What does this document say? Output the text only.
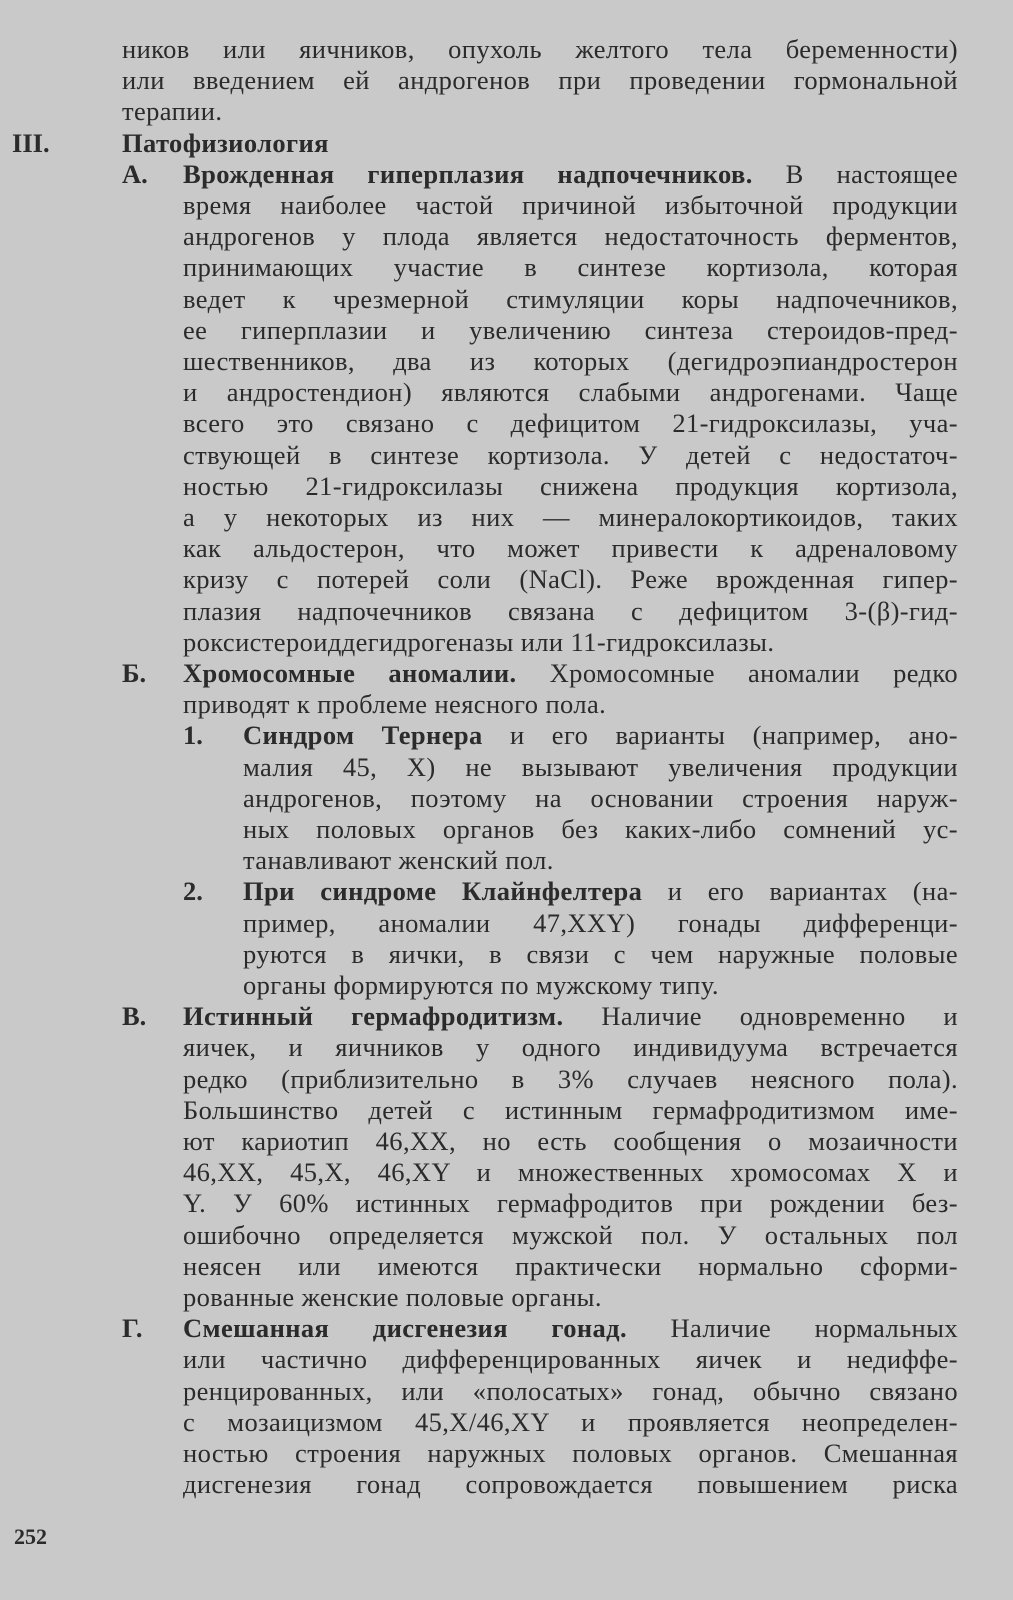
ников или яичников, опухоль желтого тела беременности)
или введением ей андрогенов при проведении гормональной
терапии.
III.	Патофизиология
А. Врожденная гиперплазия надпочечников. В настоящее
время наиболее частой причиной избыточной продукции
андрогенов у плода является недостаточность ферментов,
принимающих участие в синтезе кортизола, которая
ведет к чрезмерной стимуляции коры надпочечников,
ее гиперплазии и увеличению синтеза стероидов-пред-
шественников, два из которых (дегидроэпиандростерон
и андростендион) являются слабыми андрогенами. Чаще
всего это связано с дефицитом 21-гидроксилазы, уча-
ствующей в синтезе кортизола. У детей с недостаточ-
ностью 21-гидроксилазы снижена продукция кортизола,
а у некоторых из них — минералокортикоидов, таких
как альдостерон, что может привести к адреналовому
кризу с потерей соли (NaCl). Реже врожденная гипер-
плазия надпочечников связана с дефицитом 3-(β)-гид-
роксистероиддегидрогеназы или 11-гидроксилазы.
Б. Хромосомные аномалии. Хромосомные аномалии редко
приводят к проблеме неясного пола.
1. Синдром Тернера и его варианты (например, ано-
малия 45, X) не вызывают увеличения продукции
андрогенов, поэтому на основании строения наруж-
ных половых органов без каких-либо сомнений ус-
танавливают женский пол.
2. При синдроме Клайнфелтера и его вариантах (на-
пример, аномалии 47,XXY) гонады дифференци-
руются в яички, в связи с чем наружные половые
органы формируются по мужскому типу.
В. Истинный гермафродитизм. Наличие одновременно и
яичек, и яичников у одного индивидуума встречается
редко (приблизительно в 3% случаев неясного пола).
Большинство детей с истинным гермафродитизмом име-
ют кариотип 46,XX, но есть сообщения о мозаичности
46,XX, 45,X, 46,XY и множественных хромосомах X и
Y. У 60% истинных гермафродитов при рождении без-
ошибочно определяется мужской пол. У остальных пол
неясен или имеются практически нормально сформи-
рованные женские половые органы.
Г. Смешанная дисгенезия гонад. Наличие нормальных
или частично дифференцированных яичек и недиффе-
ренцированных, или «полосатых» гонад, обычно связано
с мозаицизмом 45,X/46,XY и проявляется неопределен-
ностью строения наружных половых органов. Смешанная
дисгенезия гонад сопровождается повышением риска
252
